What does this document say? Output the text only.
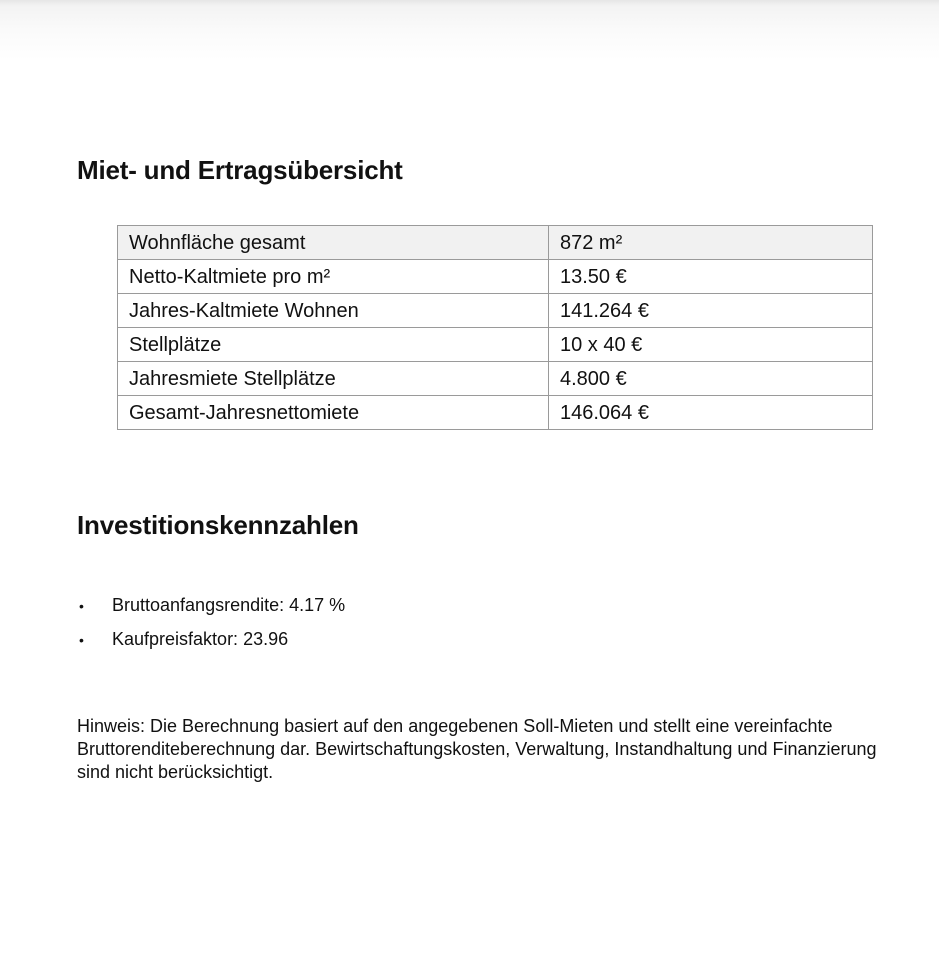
Miet- und Ertragsübersicht
Wohnfläche gesamt	872 m²
Netto-Kaltmiete pro m²	13.50 €
Jahres-Kaltmiete Wohnen	141.264 €
Stellplätze	10 x 40 €
Jahresmiete Stellplätze	4.800 €
Gesamt-Jahresnettomiete	146.064 €
Investitionskennzahlen
• Bruttoanfangsrendite: 4.17 %
• Kaufpreisfaktor: 23.96

Hinweis: Die Berechnung basiert auf den angegebenen Soll-Mieten und stellt eine vereinfachte Bruttorenditeberechnung dar. Bewirtschaftungskosten, Verwaltung, Instandhaltung und Finanzierung sind nicht berücksichtigt.
